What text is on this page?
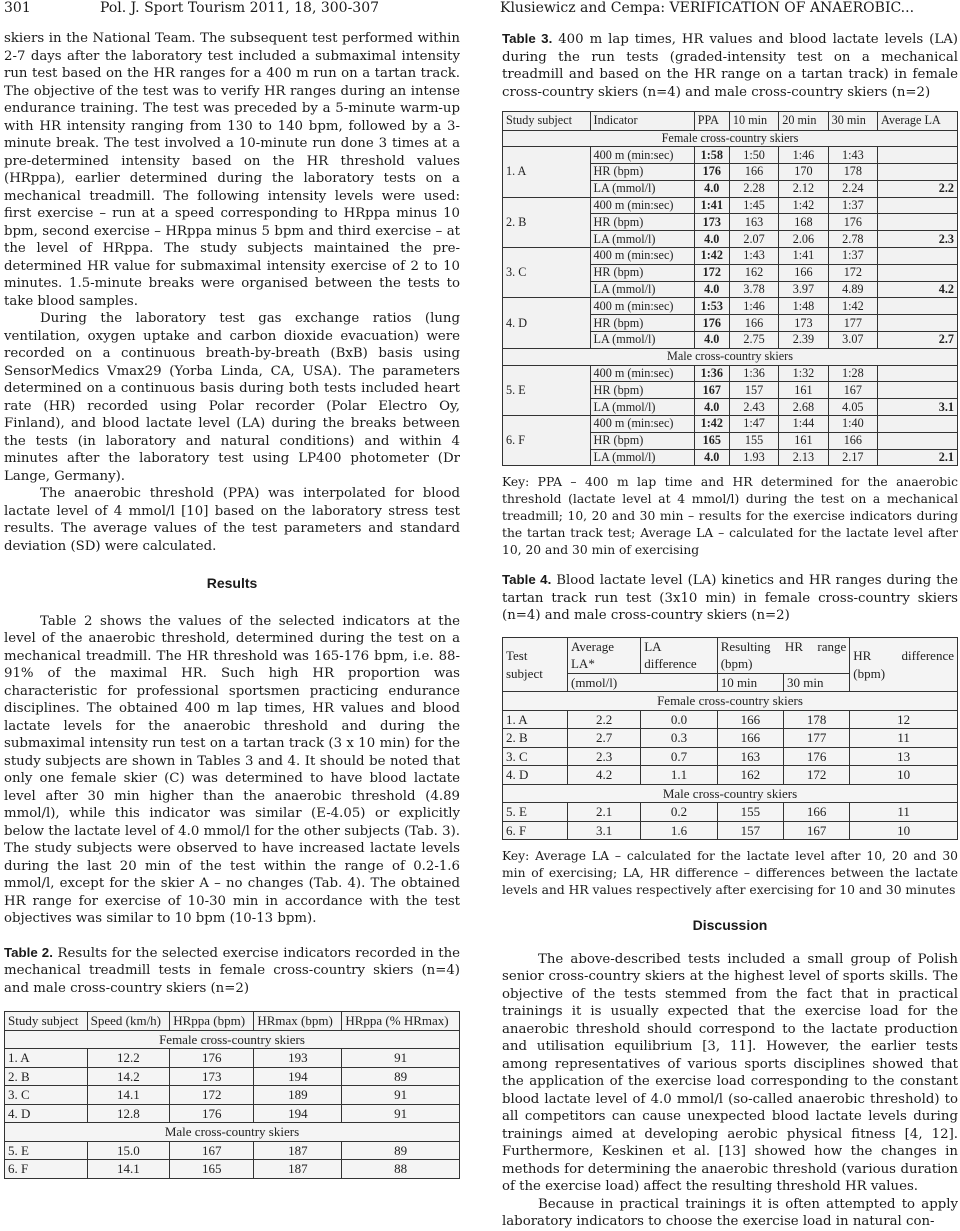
301	Pol. J. Sport Tourism 2011, 18, 300-307	Klusiewicz and Cempa: VERIFICATION OF ANAEROBIC...

skiers in the National Team. The subsequent test performed within 2-7 days after the laboratory test included a submaximal intensity run test based on the HR ranges for a 400 m run on a tartan track. The objective of the test was to verify HR ranges during an intense endurance training. The test was preceded by a 5-minute warm-up with HR intensity ranging from 130 to 140 bpm, followed by a 3-minute break. The test involved a 10-minute run done 3 times at a pre-determined intensity based on the HR threshold values (HRppa), earlier determined during the laboratory tests on a mechanical treadmill. The following intensity levels were used: first exercise – run at a speed corresponding to HRppa minus 10 bpm, second exercise – HRppa minus 5 bpm and third exercise – at the level of HRppa. The study subjects maintained the pre-determined HR value for submaximal intensity exercise of 2 to 10 minutes. 1.5-minute breaks were organised between the tests to take blood samples.

During the laboratory test gas exchange ratios (lung ventilation, oxygen uptake and carbon dioxide evacuation) were recorded on a continuous breath-by-breath (BxB) basis using SensorMedics Vmax29 (Yorba Linda, CA, USA). The parameters determined on a continuous basis during both tests included heart rate (HR) recorded using Polar recorder (Polar Electro Oy, Finland), and blood lactate level (LA) during the breaks between the tests (in laboratory and natural conditions) and within 4 minutes after the laboratory test using LP400 photometer (Dr Lange, Germany).

The anaerobic threshold (PPA) was interpolated for blood lactate level of 4 mmol/l [10] based on the laboratory stress test results. The average values of the test parameters and standard deviation (SD) were calculated.

Results

Table 2 shows the values of the selected indicators at the level of the anaerobic threshold, determined during the test on a mechanical treadmill. The HR threshold was 165-176 bpm, i.e. 88-91% of the maximal HR. Such high HR proportion was characteristic for professional sportsmen practicing endurance disciplines. The obtained 400 m lap times, HR values and blood lactate levels for the anaerobic threshold and during the submaximal intensity run test on a tartan track (3 x 10 min) for the study subjects are shown in Tables 3 and 4. It should be noted that only one female skier (C) was determined to have blood lactate level after 30 min higher than the anaerobic threshold (4.89 mmol/l), while this indicator was similar (E-4.05) or explicitly below the lactate level of 4.0 mmol/l for the other subjects (Tab. 3). The study subjects were observed to have increased lactate levels during the last 20 min of the test within the range of 0.2-1.6 mmol/l, except for the skier A – no changes (Tab. 4). The obtained HR range for exercise of 10-30 min in accordance with the test objectives was similar to 10 bpm (10-13 bpm).

Table 2. Results for the selected exercise indicators recorded in the mechanical treadmill tests in female cross-country skiers (n=4) and male cross-country skiers (n=2)

Study subject	Speed (km/h)	HRppa (bpm)	HRmax (bpm)	HRppa (% HRmax)
Female cross-country skiers				
1. A	12.2	176	193	91
2. B	14.2	173	194	89
3. C	14.1	172	189	91
4. D	12.8	176	194	91
Male cross-country skiers				
5. E	15.0	167	187	89
6. F	14.1	165	187	88

Table 3. 400 m lap times, HR values and blood lactate levels (LA) during the run tests (graded-intensity test on a mechanical treadmill and based on the HR range on a tartan track) in female cross-country skiers (n=4) and male cross-country skiers (n=2)

Study subject	Indicator	PPA	10 min	20 min	30 min	Average LA
Female cross-country skiers						
1. A	400 m (min:sec)	1:58	1:50	1:46	1:43	
	HR (bpm)	176	166	170	178	
	LA (mmol/l)	4.0	2.28	2.12	2.24	2.2
2. B	400 m (min:sec)	1:41	1:45	1:42	1:37	
	HR (bpm)	173	163	168	176	
	LA (mmol/l)	4.0	2.07	2.06	2.78	2.3
3. C	400 m (min:sec)	1:42	1:43	1:41	1:37	
	HR (bpm)	172	162	166	172	
	LA (mmol/l)	4.0	3.78	3.97	4.89	4.2
4. D	400 m (min:sec)	1:53	1:46	1:48	1:42	
	HR (bpm)	176	166	173	177	
	LA (mmol/l)	4.0	2.75	2.39	3.07	2.7
Male cross-country skiers						
5. E	400 m (min:sec)	1:36	1:36	1:32	1:28	
	HR (bpm)	167	157	161	167	
	LA (mmol/l)	4.0	2.43	2.68	4.05	3.1
6. F	400 m (min:sec)	1:42	1:47	1:44	1:40	
	HR (bpm)	165	155	161	166	
	LA (mmol/l)	4.0	1.93	2.13	2.17	2.1

Key: PPA – 400 m lap time and HR determined for the anaerobic threshold (lactate level at 4 mmol/l) during the test on a mechanical treadmill; 10, 20 and 30 min – results for the exercise indicators during the tartan track test; Average LA – calculated for the lactate level after 10, 20 and 30 min of exercising

Table 4. Blood lactate level (LA) kinetics and HR ranges during the tartan track run test (3x10 min) in female cross-country skiers (n=4) and male cross-country skiers (n=2)

Test subject	Average LA*	LA difference	Resulting HR range (bpm)		HR difference (bpm)
	(mmol/l)		10 min	30 min	
Female cross-country skiers					
1. A	2.2	0.0	166	178	12
2. B	2.7	0.3	166	177	11
3. C	2.3	0.7	163	176	13
4. D	4.2	1.1	162	172	10
Male cross-country skiers					
5. E	2.1	0.2	155	166	11
6. F	3.1	1.6	157	167	10

Key: Average LA – calculated for the lactate level after 10, 20 and 30 min of exercising; LA, HR difference – differences between the lactate levels and HR values respectively after exercising for 10 and 30 minutes

Discussion

The above-described tests included a small group of Polish senior cross-country skiers at the highest level of sports skills. The objective of the tests stemmed from the fact that in practical trainings it is usually expected that the exercise load for the anaerobic threshold should correspond to the lactate production and utilisation equilibrium [3, 11]. However, the earlier tests among representatives of various sports disciplines showed that the application of the exercise load corresponding to the constant blood lactate level of 4.0 mmol/l (so-called anaerobic threshold) to all competitors can cause unexpected blood lactate levels during trainings aimed at developing aerobic physical fitness [4, 12]. Furthermore, Keskinen et al. [13] showed how the changes in methods for determining the anaerobic threshold (various duration of the exercise load) affect the resulting threshold HR values.

Because in practical trainings it is often attempted to apply laboratory indicators to choose the exercise load in natural con-
